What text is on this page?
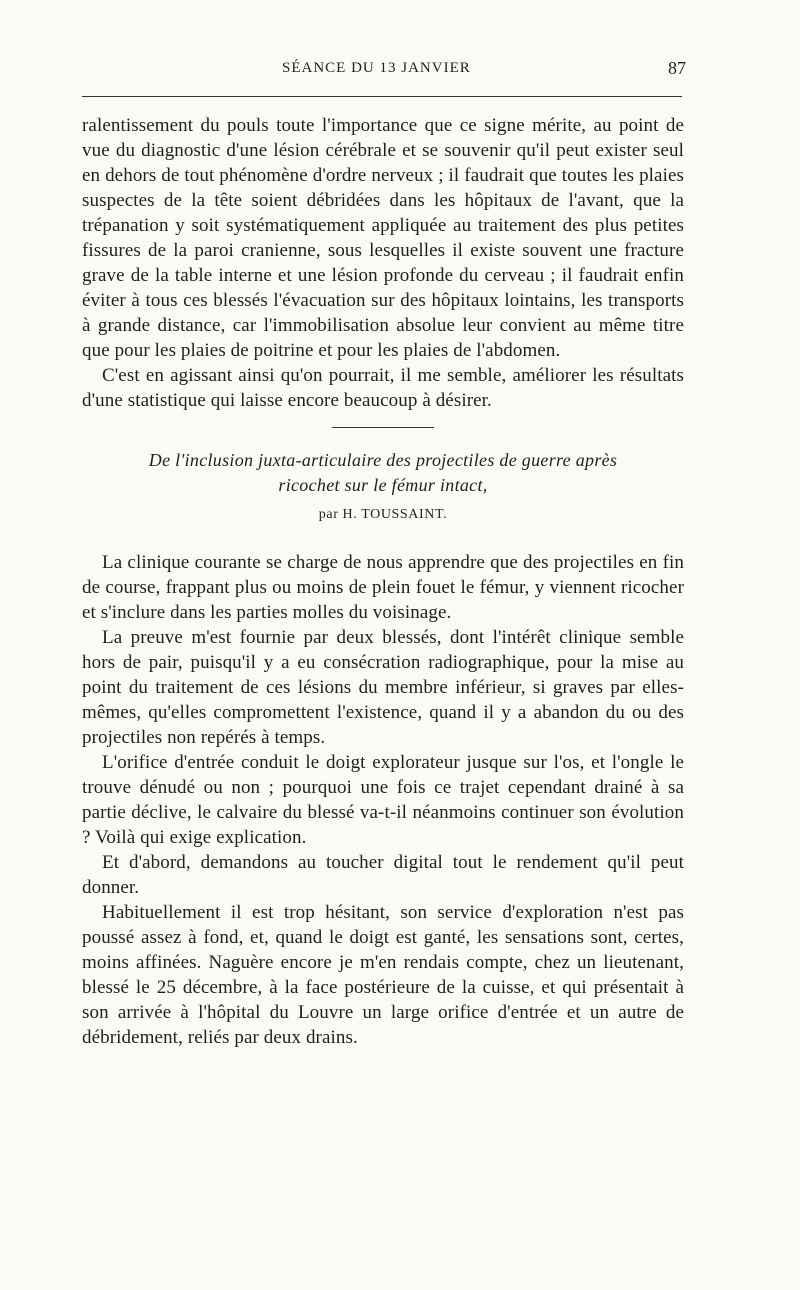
SÉANCE DU 13 JANVIER	87

ralentissement du pouls toute l'importance que ce signe mérite, au point de vue du diagnostic d'une lésion cérébrale et se souvenir qu'il peut exister seul en dehors de tout phénomène d'ordre nerveux ; il faudrait que toutes les plaies suspectes de la tête soient débridées dans les hôpitaux de l'avant, que la trépanation y soit systématiquement appliquée au traitement des plus petites fissures de la paroi cranienne, sous lesquelles il existe souvent une fracture grave de la table interne et une lésion profonde du cerveau ; il faudrait enfin éviter à tous ces blessés l'évacuation sur des hôpitaux lointains, les transports à grande distance, car l'immobilisation absolue leur convient au même titre que pour les plaies de poitrine et pour les plaies de l'abdomen.

C'est en agissant ainsi qu'on pourrait, il me semble, améliorer les résultats d'une statistique qui laisse encore beaucoup à désirer.

De l'inclusion juxta-articulaire des projectiles de guerre après
ricochet sur le fémur intact,
par H. TOUSSAINT.

La clinique courante se charge de nous apprendre que des projectiles en fin de course, frappant plus ou moins de plein fouet le fémur, y viennent ricocher et s'inclure dans les parties molles du voisinage.

La preuve m'est fournie par deux blessés, dont l'intérêt clinique semble hors de pair, puisqu'il y a eu consécration radiographique, pour la mise au point du traitement de ces lésions du membre inférieur, si graves par elles-mêmes, qu'elles compromettent l'existence, quand il y a abandon du ou des projectiles non repérés à temps.

L'orifice d'entrée conduit le doigt explorateur jusque sur l'os, et l'ongle le trouve dénudé ou non ; pourquoi une fois ce trajet cependant drainé à sa partie déclive, le calvaire du blessé va-t-il néanmoins continuer son évolution ? Voilà qui exige explication.

Et d'abord, demandons au toucher digital tout le rendement qu'il peut donner.

Habituellement il est trop hésitant, son service d'exploration n'est pas poussé assez à fond, et, quand le doigt est ganté, les sensations sont, certes, moins affinées. Naguère encore je m'en rendais compte, chez un lieutenant, blessé le 25 décembre, à la face postérieure de la cuisse, et qui présentait à son arrivée à l'hôpital du Louvre un large orifice d'entrée et un autre de débridement, reliés par deux drains.
